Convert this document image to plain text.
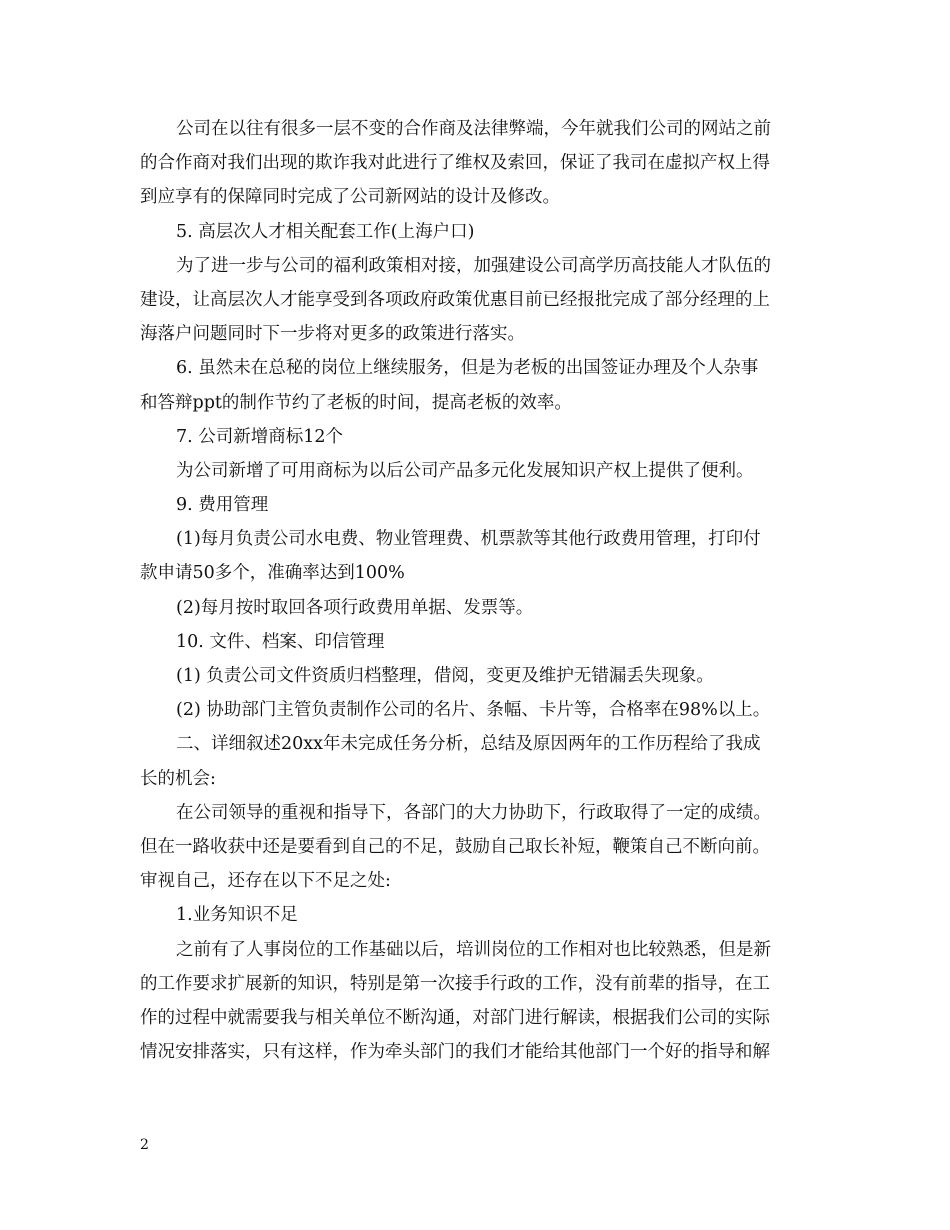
公司在以往有很多一层不变的合作商及法律弊端，今年就我们公司的网站之前
的合作商对我们出现的欺诈我对此进行了维权及索回，保证了我司在虚拟产权上得
到应享有的保障同时完成了公司新网站的设计及修改。
5. 高层次人才相关配套工作(上海户口)
为了进一步与公司的福利政策相对接，加强建设公司高学历高技能人才队伍的
建设，让高层次人才能享受到各项政府政策优惠目前已经报批完成了部分经理的上
海落户问题同时下一步将对更多的政策进行落实。
6. 虽然未在总秘的岗位上继续服务，但是为老板的出国签证办理及个人杂事
和答辩ppt的制作节约了老板的时间，提高老板的效率。
7. 公司新增商标12个
为公司新增了可用商标为以后公司产品多元化发展知识产权上提供了便利。
9. 费用管理
(1)每月负责公司水电费、物业管理费、机票款等其他行政费用管理，打印付
款申请50多个，准确率达到100%
(2)每月按时取回各项行政费用单据、发票等。
10. 文件、档案、印信管理
(1) 负责公司文件资质归档整理，借阅，变更及维护无错漏丢失现象。
(2) 协助部门主管负责制作公司的名片、条幅、卡片等，合格率在98%以上。
二、详细叙述20xx年未完成任务分析，总结及原因两年的工作历程给了我成
长的机会:
在公司领导的重视和指导下，各部门的大力协助下，行政取得了一定的成绩。
但在一路收获中还是要看到自己的不足，鼓励自己取长补短，鞭策自己不断向前。
审视自己，还存在以下不足之处:
1.业务知识不足
之前有了人事岗位的工作基础以后，培训岗位的工作相对也比较熟悉，但是新
的工作要求扩展新的知识，特别是第一次接手行政的工作，没有前辈的指导，在工
作的过程中就需要我与相关单位不断沟通，对部门进行解读，根据我们公司的实际
情况安排落实，只有这样，作为牵头部门的我们才能给其他部门一个好的指导和解
2
